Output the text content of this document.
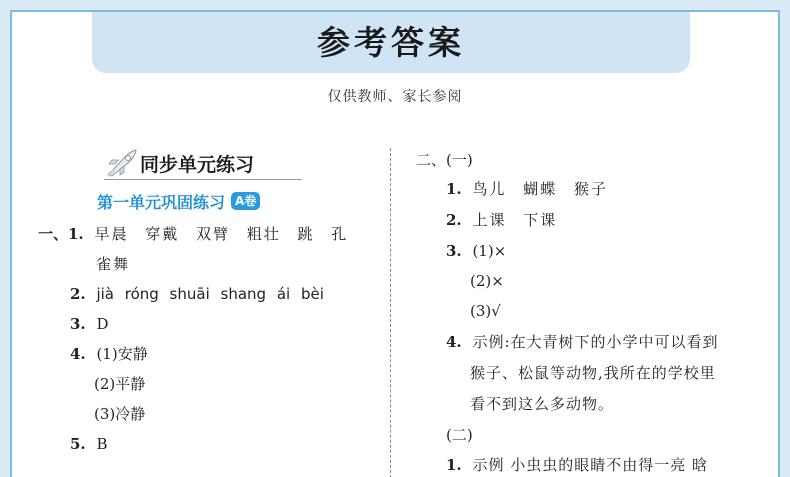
参考答案
仅供教师、家长参阅
同步单元练习
第一单元巩固练习 A卷
一、1. 早晨 穿戴 双臂 粗壮 跳 孔
雀舞
2. jià róng shuāi shang ái bèi
3. D
4. (1)安静
(2)平静
(3)冷静
5. B
二、(一)
1. 鸟儿 蝴蝶 猴子
2. 上课 下课
3. (1)×
(2)×
(3)√
4. 示例:在大青树下的小学中可以看到
猴子、松鼠等动物,我所在的学校里
看不到这么多动物。
(二)
1. 示例 小虫虫的眼睛不由得一亮 晗
